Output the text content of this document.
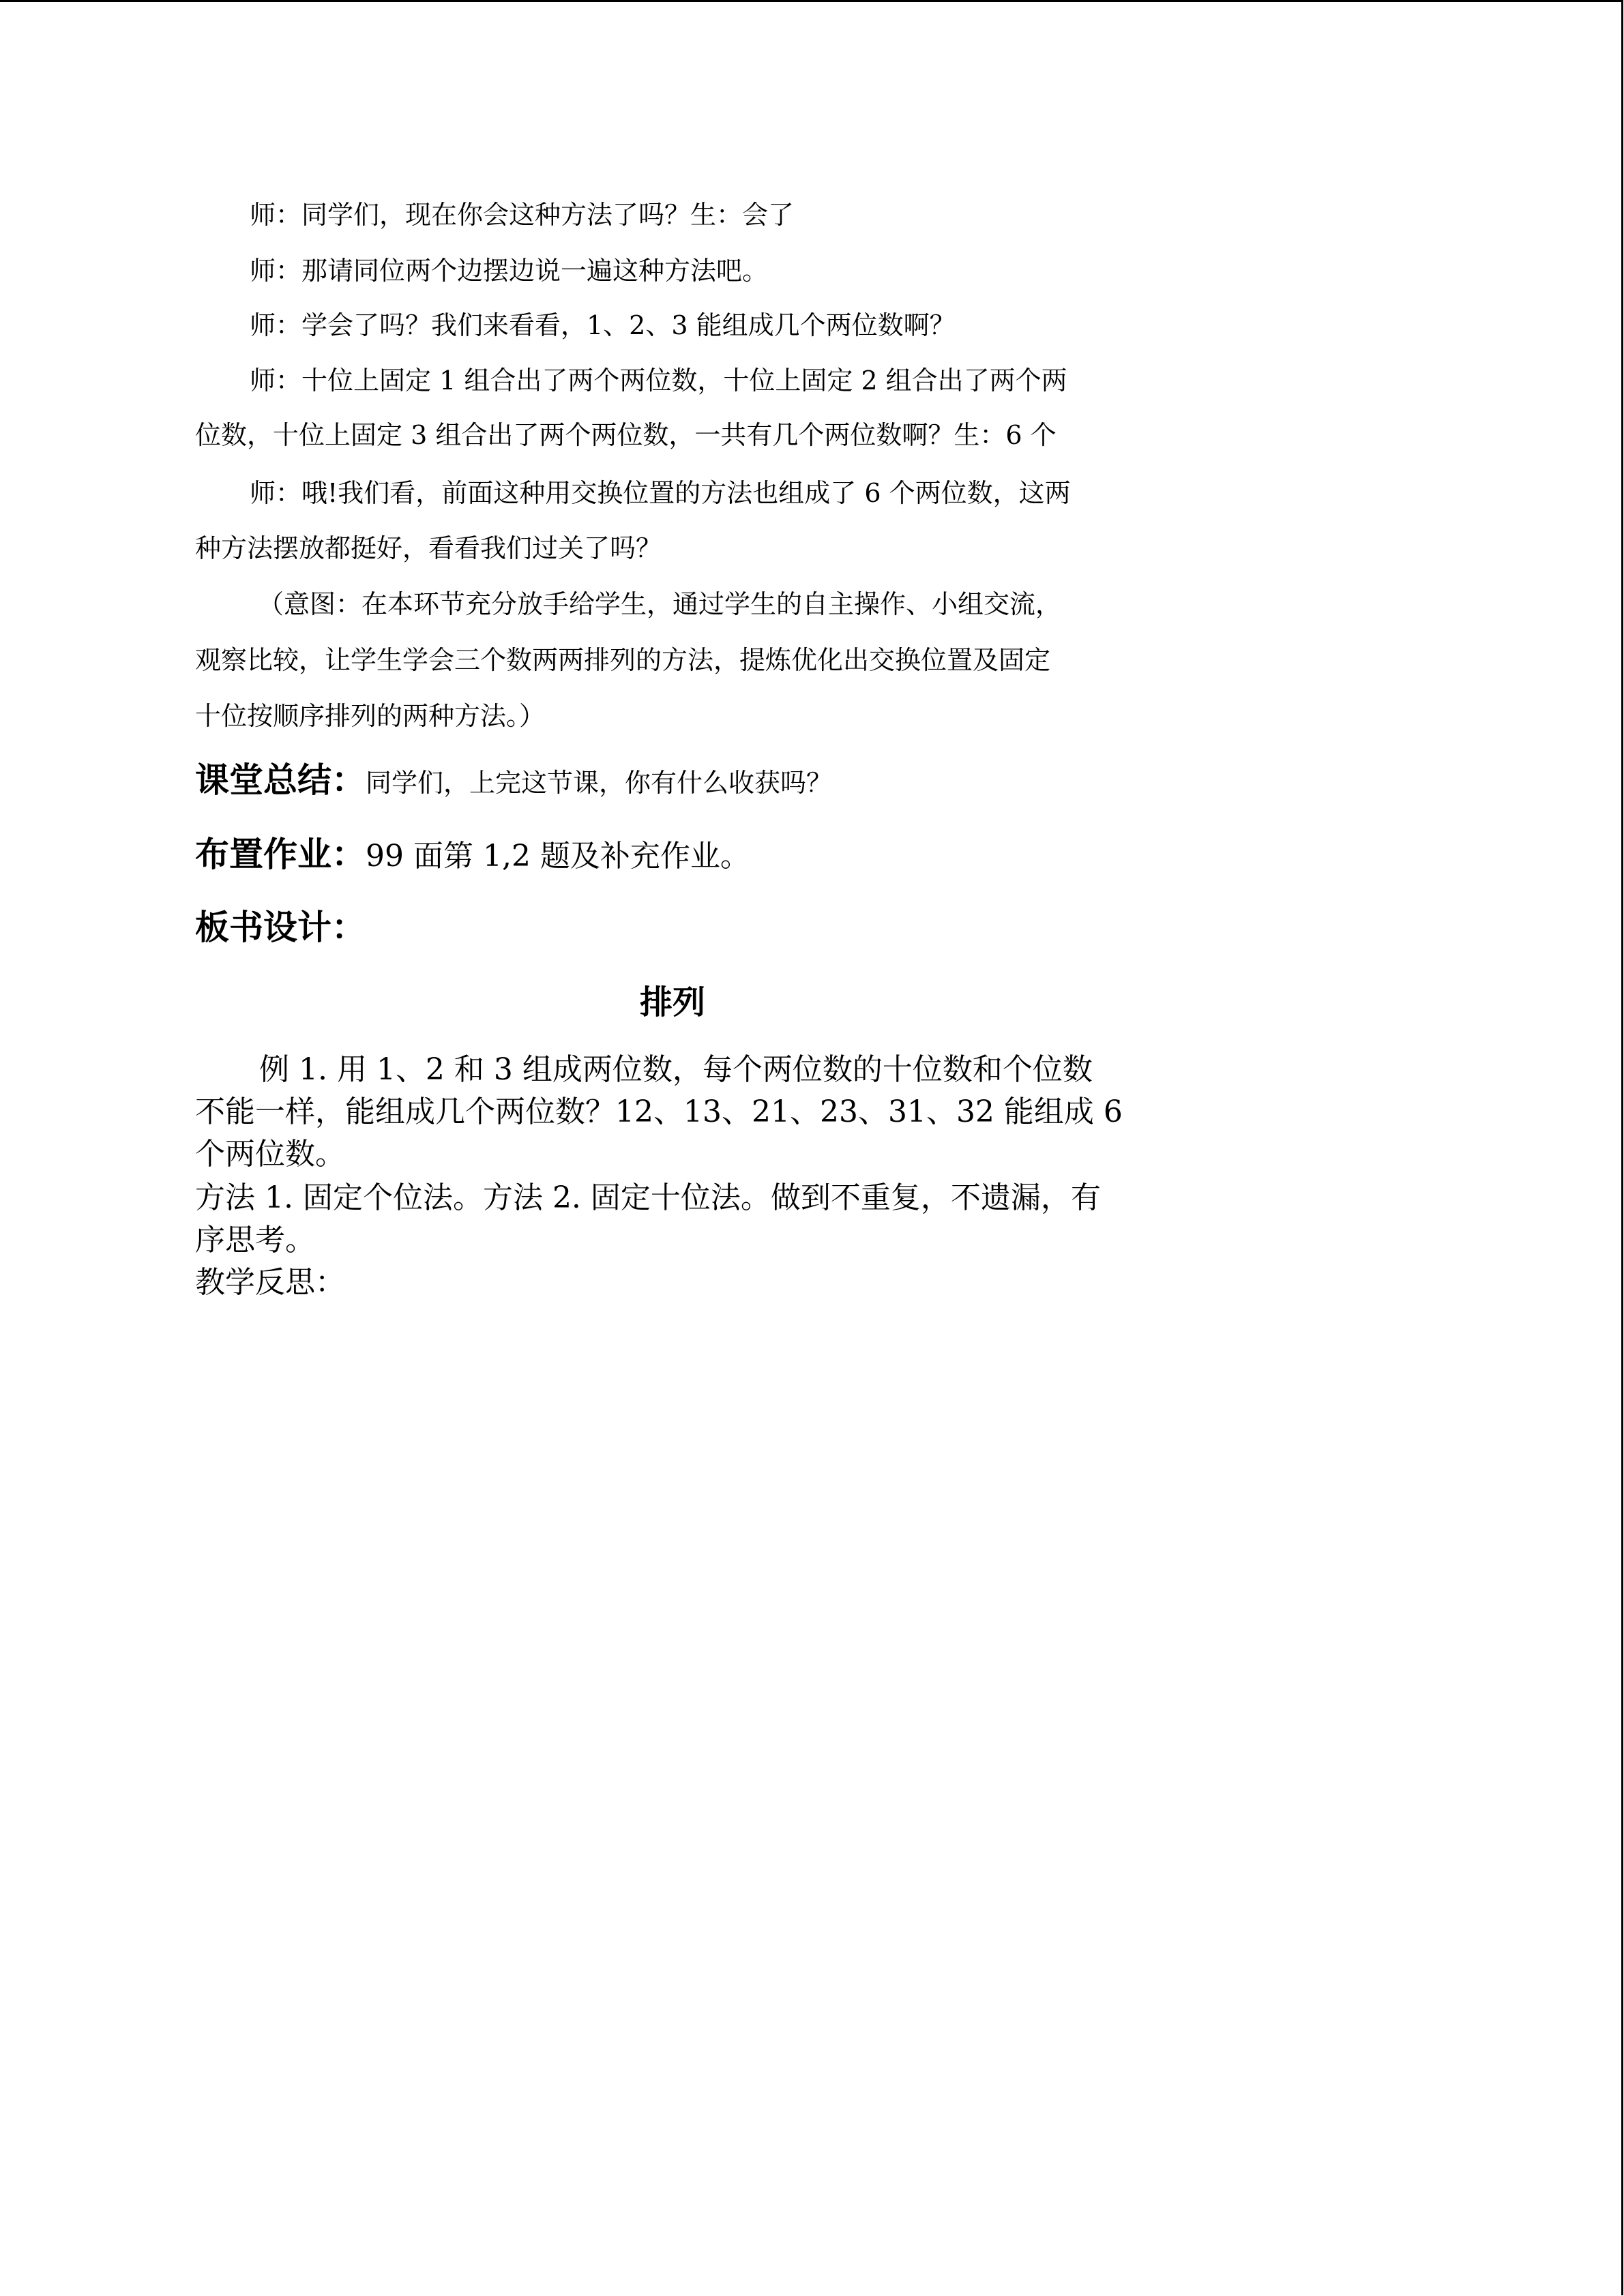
师：同学们，现在你会这种方法了吗？生：会了
师：那请同位两个边摆边说一遍这种方法吧。
师：学会了吗？我们来看看，1、2、3 能组成几个两位数啊？
师：十位上固定 1 组合出了两个两位数，十位上固定 2 组合出了两个两
位数，十位上固定 3 组合出了两个两位数，一共有几个两位数啊？生：6 个
师：哦!我们看，前面这种用交换位置的方法也组成了 6 个两位数，这两
种方法摆放都挺好，看看我们过关了吗？
（意图：在本环节充分放手给学生，通过学生的自主操作、小组交流，
观察比较，让学生学会三个数两两排列的方法，提炼优化出交换位置及固定
十位按顺序排列的两种方法。）
课堂总结：同学们，上完这节课，你有什么收获吗？
布置作业：99 面第 1,2 题及补充作业。
板书设计：
排列
例 1. 用 1、2 和 3 组成两位数，每个两位数的十位数和个位数
不能一样，能组成几个两位数？12、13、21、23、31、32 能组成 6
个两位数。
方法 1. 固定个位法。方法 2. 固定十位法。做到不重复，不遗漏，有
序思考。
教学反思：
